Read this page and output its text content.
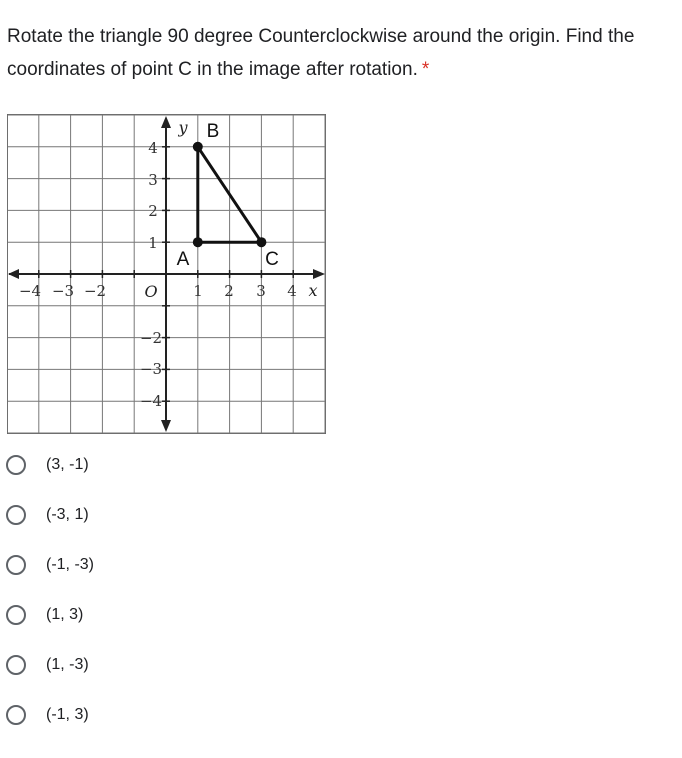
Rotate the triangle 90 degree Counterclockwise around the origin. Find the coordinates of point C in the image after rotation. *

−4 −3 −2	1 2 3 4 x
O
4
3
2
1
−2
−3
−4
y
A
B
C
(3, -1)
(-3, 1)
(-1, -3)
(1, 3)
(1, -3)
(-1, 3)
